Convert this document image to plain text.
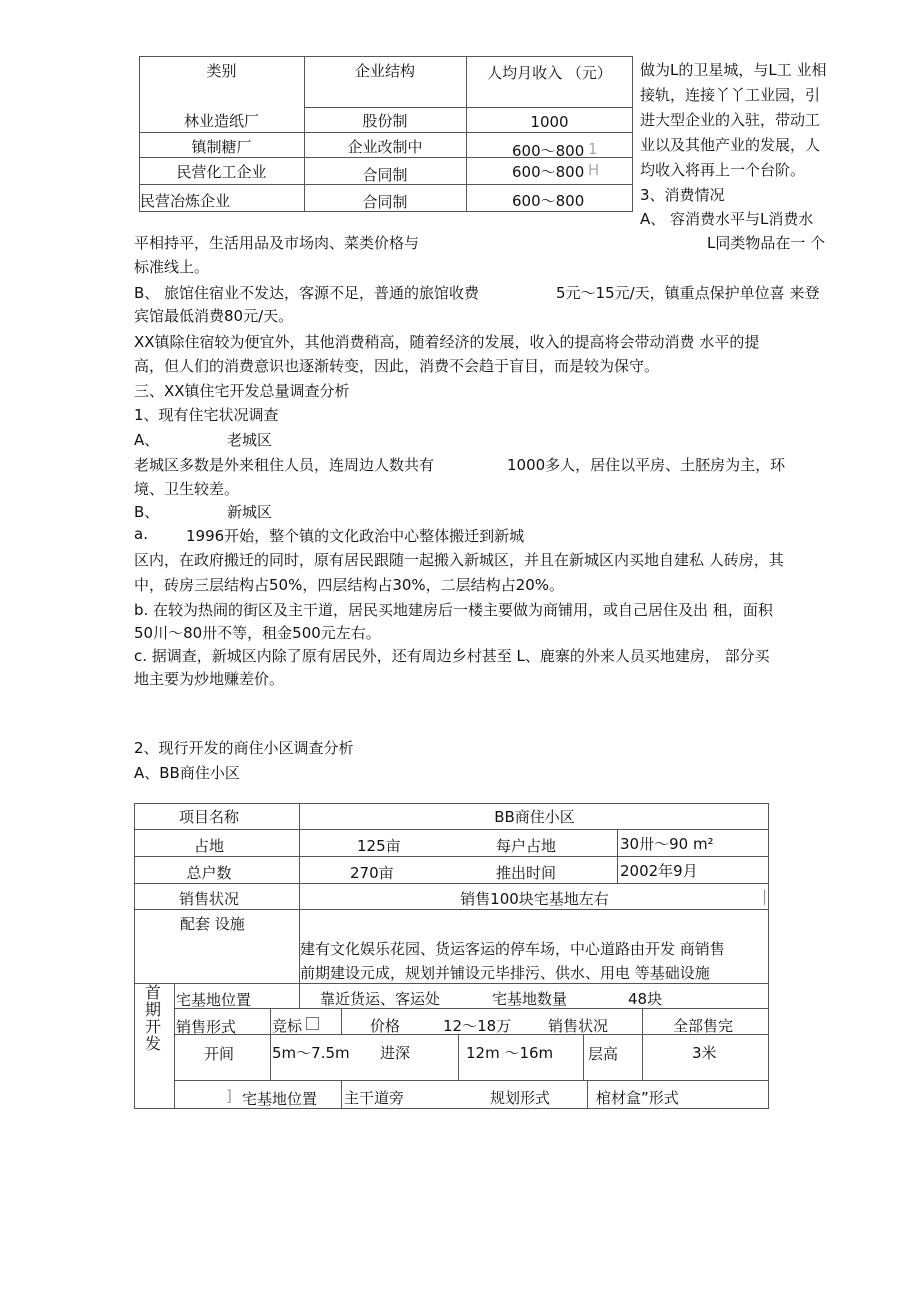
类别	企业结构	人均月收入 （元）
林业造纸厂	股份制	1000
镇制糖厂	企业改制中	600～800 1
民营化工企业	合同制	600～800 H
民营冶炼企业	合同制	600～800
做为L的卫星城，与L工 业相
接轨，连接丫丫工业园，引
进大型企业的入驻，带动工
业以及其他产业的发展，人
均收入将再上一个台阶。
3、消费情况
A、 容消费水平与L消费水
平相持平，生活用品及市场肉、菜类价格与	L同类物品在一 个
标准线上。
B、 旅馆住宿业不发达，客源不足，普通的旅馆收费	5元～15元/天，镇重点保护单位喜 来登
宾馆最低消费80元/天。
XX镇除住宿较为便宜外，其他消费稍高，随着经济的发展，收入的提高将会带动消费 水平的提
高，但人们的消费意识也逐渐转变，因此，消费不会趋于盲目，而是较为保守。
三、XX镇住宅开发总量调查分析
1、现有住宅状况调查
A、	老城区
老城区多数是外来租住人员，连周边人数共有	1000多人，居住以平房、土胚房为主，环
境、卫生较差。
B、	新城区
a.	1996开始，整个镇的文化政治中心整体搬迁到新城
区内，在政府搬迁的同时，原有居民跟随一起搬入新城区，并且在新城区内买地自建私 人砖房，其
中，砖房三层结构占50%，四层结构占30%，二层结构占20%。
b. 在较为热闹的街区及主干道，居民买地建房后一楼主要做为商铺用，或自己居住及出 租，面积
50川～80卅不等，租金500元左右。
c. 据调查，新城区内除了原有居民外，还有周边乡村甚至 L、鹿寨的外来人员买地建房， 部分买
地主要为炒地赚差价。
2、现行开发的商住小区调查分析
A、BB商住小区
项目名称	BB商住小区
占地	125亩	每户占地	30卅～90 m²
总户数	270亩	推出时间	2002年9月
销售状况	销售100块宅基地左右	|
配套 设施
建有文化娱乐花园、货运客运的停车场，中心道路由开发 商销售
前期建设元成，规划并铺设元毕排污、供水、用电 等基础设施
首
期
开
发
宅基地位置	靠近货运、客运处	宅基地数量	48块
销售形式 竞标	价格	12～18万 销售状况	全部售完
开间	5m～7.5m 进深	12m ～16m 层高	3米
] 宅基地位置 主干道旁	规划形式	棺材盒”形式
